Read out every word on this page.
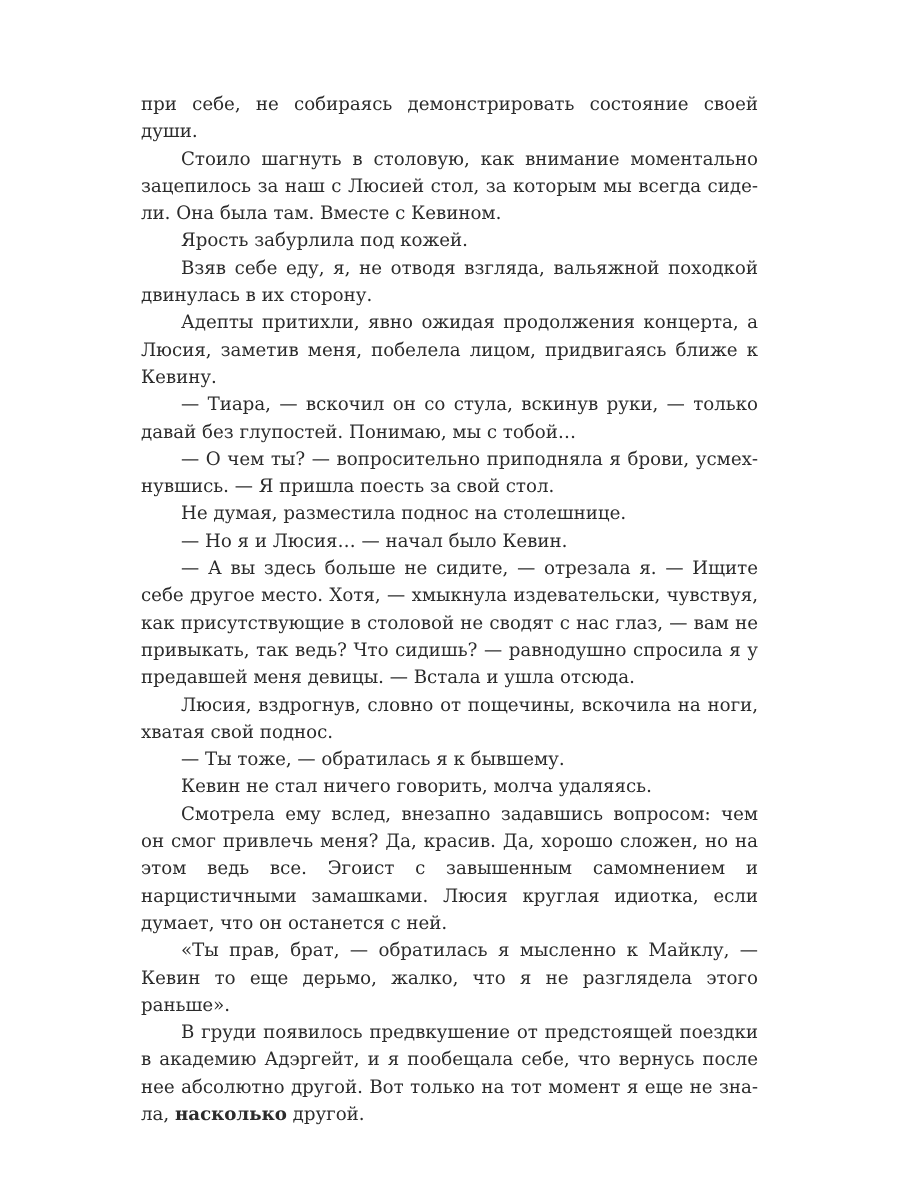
при себе, не собираясь демонстрировать состояние своей души.

Стоило шагнуть в столовую, как внимание моментально зацепилось за наш с Люсией стол, за которым мы всегда сидели. Она была там. Вместе с Кевином.

Ярость забурлила под кожей.

Взяв себе еду, я, не отводя взгляда, вальяжной походкой двинулась в их сторону.

Адепты притихли, явно ожидая продолжения концерта, а Люсия, заметив меня, побелела лицом, придвигаясь ближе к Кевину.

— Тиара, — вскочил он со стула, вскинув руки, — только давай без глупостей. Понимаю, мы с тобой…

— О чем ты? — вопросительно приподняла я брови, усмехнувшись. — Я пришла поесть за свой стол.

Не думая, разместила поднос на столешнице.

— Но я и Люсия… — начал было Кевин.

— А вы здесь больше не сидите, — отрезала я. — Ищите себе другое место. Хотя, — хмыкнула издевательски, чувствуя, как присутствующие в столовой не сводят с нас глаз, — вам не привыкать, так ведь? Что сидишь? — равнодушно спросила я у предавшей меня девицы. — Встала и ушла отсюда.

Люсия, вздрогнув, словно от пощечины, вскочила на ноги, хватая свой поднос.

— Ты тоже, — обратилась я к бывшему.

Кевин не стал ничего говорить, молча удаляясь.

Смотрела ему вслед, внезапно задавшись вопросом: чем он смог привлечь меня? Да, красив. Да, хорошо сложен, но на этом ведь все. Эгоист с завышенным самомнением и нарцистичными замашками. Люсия круглая идиотка, если думает, что он останется с ней.

«Ты прав, брат, — обратилась я мысленно к Майклу, — Кевин то еще дерьмо, жалко, что я не разглядела этого раньше».

В груди появилось предвкушение от предстоящей поездки в академию Адэргейт, и я пообещала себе, что вернусь после нее абсолютно другой. Вот только на тот момент я еще не знала, насколько другой.
